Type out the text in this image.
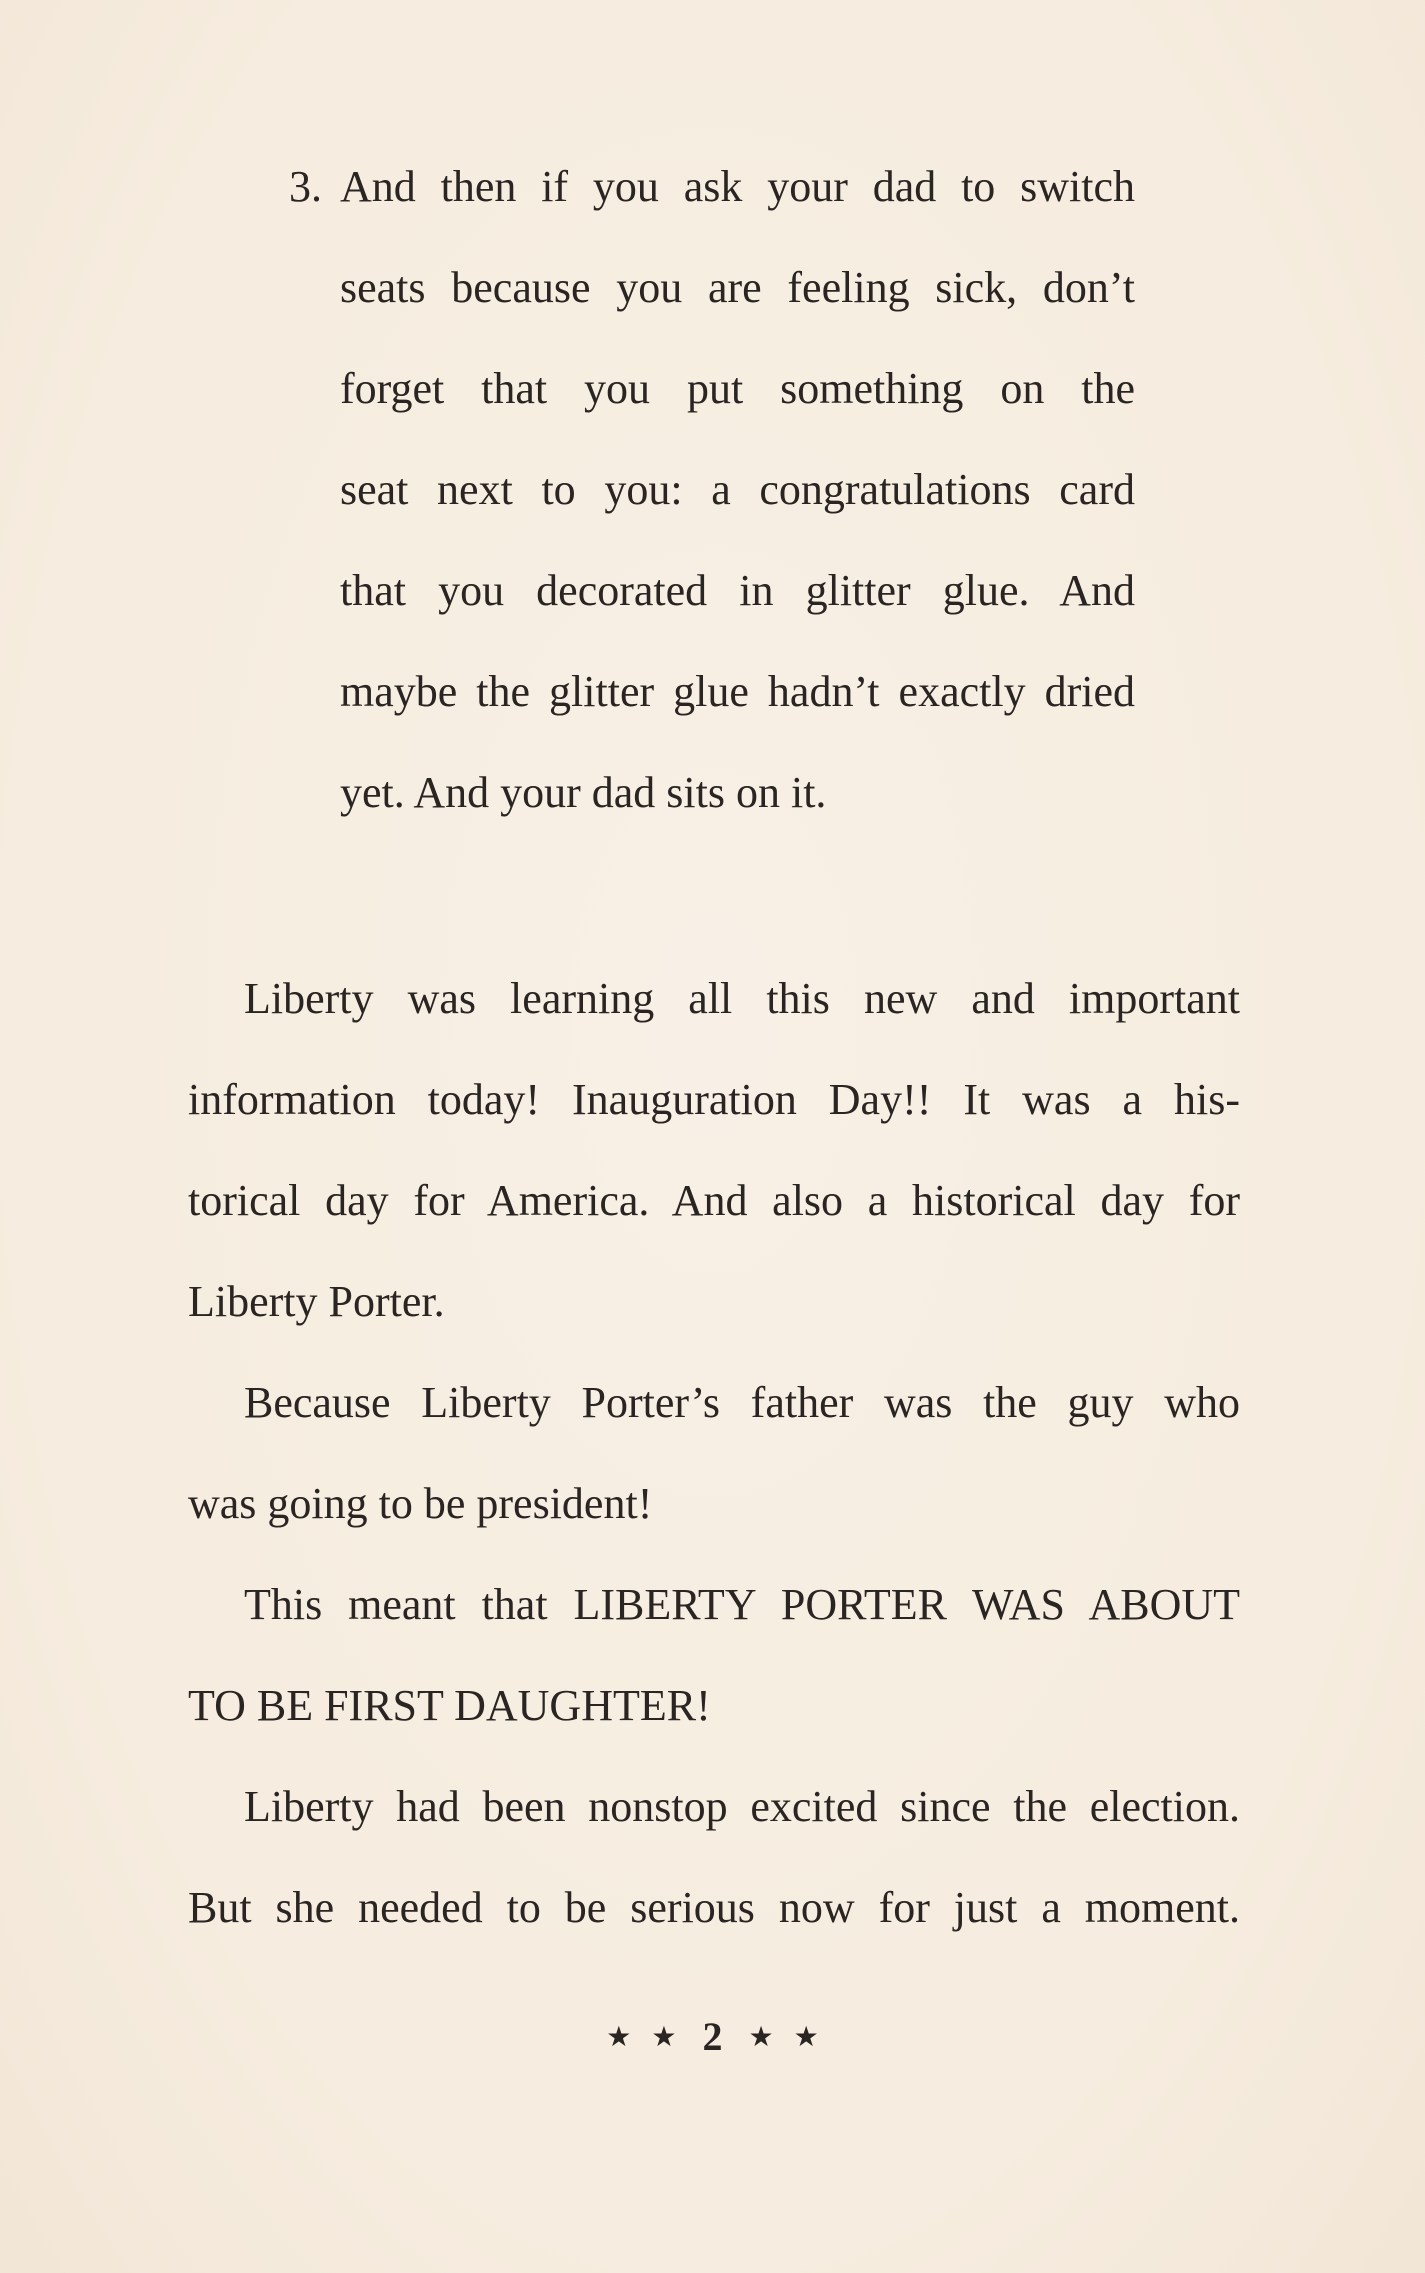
3. And then if you ask your dad to switch
seats because you are feeling sick, don’t
forget that you put something on the
seat next to you: a congratulations card
that you decorated in glitter glue. And
maybe the glitter glue hadn’t exactly dried
yet. And your dad sits on it.
Liberty was learning all this new and important
information today! Inauguration Day!! It was a his-
torical day for America. And also a historical day for
Liberty Porter.
Because Liberty Porter’s father was the guy who
was going to be president!
This meant that LIBERTY PORTER WAS ABOUT
TO BE FIRST DAUGHTER!
Liberty had been nonstop excited since the election.
But she needed to be serious now for just a moment.
★ ★ 2 ★ ★
